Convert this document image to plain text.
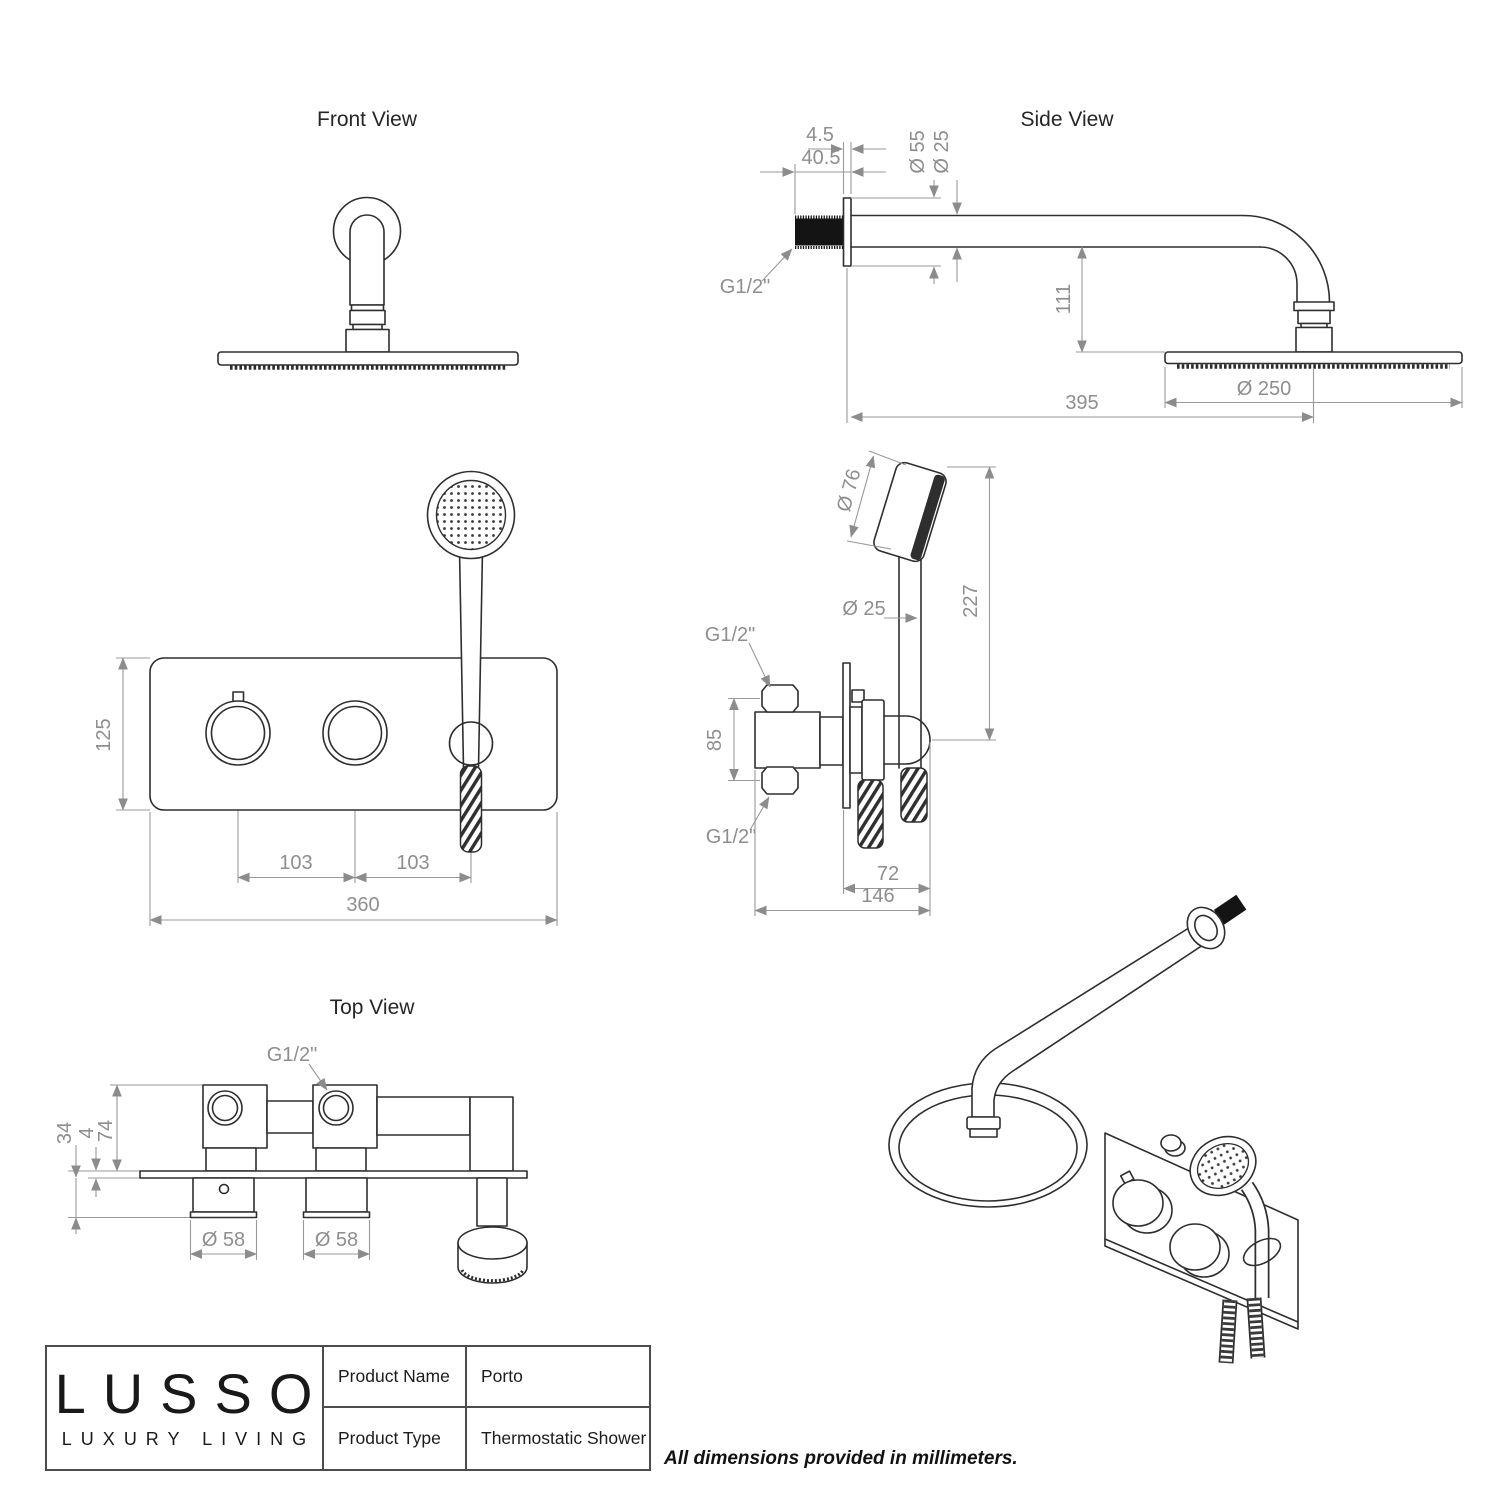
Front View	Side View
4.5
40.5	Ø 55 Ø 25
G1/2"	111
Ø 250
395
125
103	103
360
Ø 76
227
Ø 25
G1/2"
G1/2"
85
72
146
Top View
G1/2"
34 4
74
Ø 58	Ø 58
LUSSO
LUXURY LIVING
Product Name	Porto
Product Type	Thermostatic Shower
All dimensions provided in millimeters.
